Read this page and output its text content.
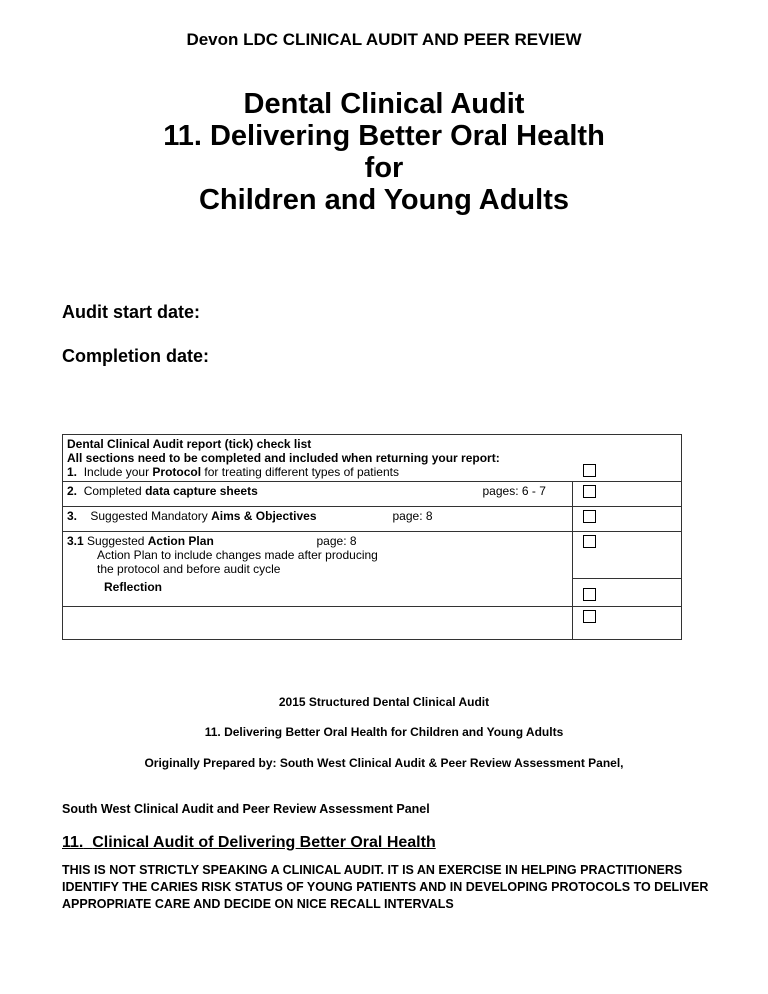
Devon LDC CLINICAL AUDIT AND PEER REVIEW
Dental Clinical Audit
11. Delivering Better Oral Health
for
Children and Young Adults
Audit start date:
Completion date:
Dental Clinical Audit report (tick) check list
All sections need to be completed and included when returning your report:
1. Include your Protocol for treating different types of patients	

2. Completed data capture sheets pages: 6 - 7	

3. Suggested Mandatory Aims & Objectives page: 8	

3.1 Suggested Action Plan page: 8
Action Plan to include changes made after producing
the protocol and before audit cycle	

Reflection	

2015 Structured Dental Clinical Audit
11. Delivering Better Oral Health for Children and Young Adults
Originally Prepared by: South West Clinical Audit & Peer Review Assessment Panel,
South West Clinical Audit and Peer Review Assessment Panel
11. Clinical Audit of Delivering Better Oral Health
THIS IS NOT STRICTLY SPEAKING A CLINICAL AUDIT. IT IS AN EXERCISE IN HELPING PRACTITIONERS IDENTIFY THE CARIES RISK STATUS OF YOUNG PATIENTS AND IN DEVELOPING PROTOCOLS TO DELIVER APPROPRIATE CARE AND DECIDE ON NICE RECALL INTERVALS
